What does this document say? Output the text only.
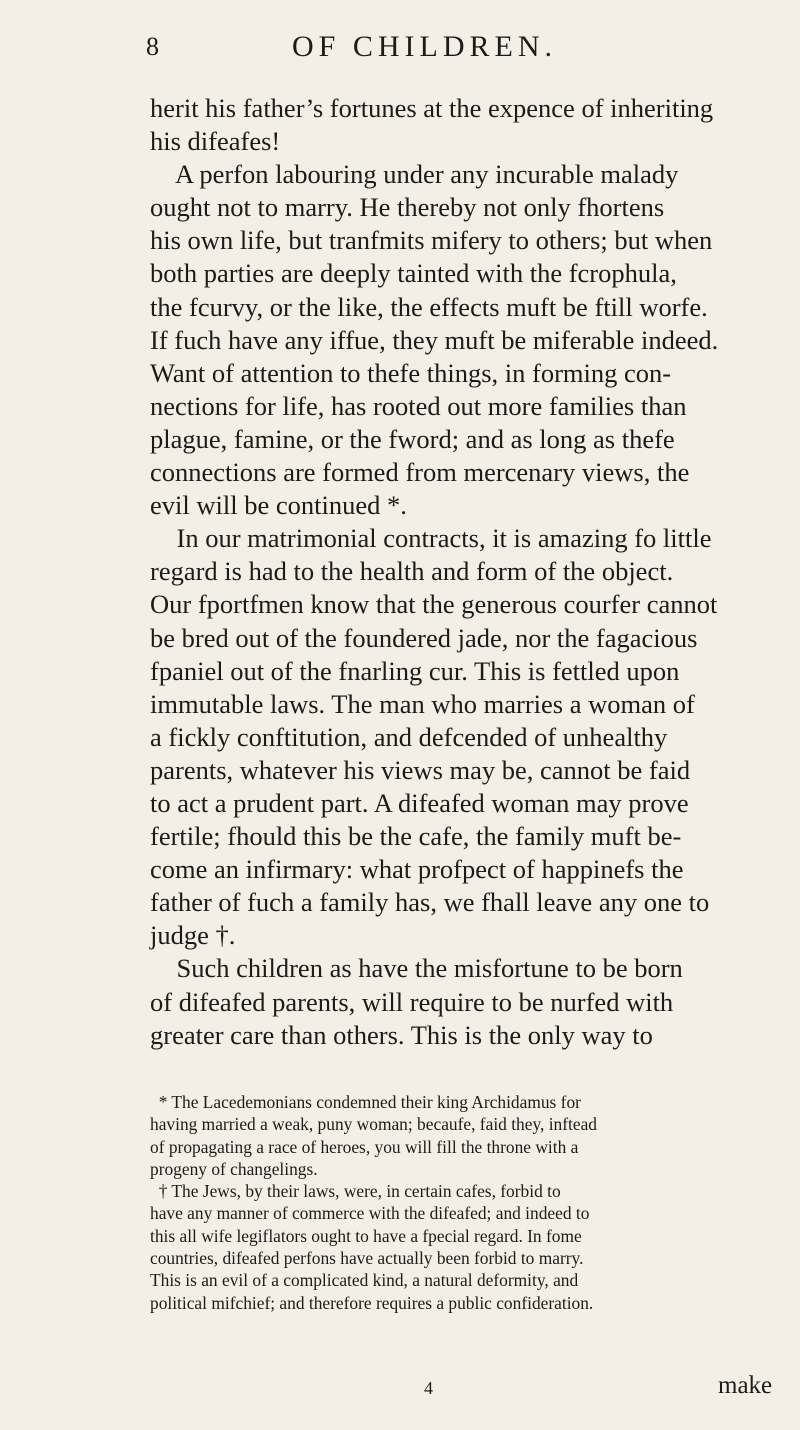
8	OF CHILDREN.
herit his father’s fortunes at the expence of inheriting
his difeafes!
A perfon labouring under any incurable malady
ought not to marry. He thereby not only fhortens
his own life, but tranfmits mifery to others; but when
both parties are deeply tainted with the fcrophula,
the fcurvy, or the like, the effects muft be ftill worfe.
If fuch have any iffue, they muft be miferable indeed.
Want of attention to thefe things, in forming con-
nections for life, has rooted out more families than
plague, famine, or the fword; and as long as thefe
connections are formed from mercenary views, the
evil will be continued *.
In our matrimonial contracts, it is amazing fo little
regard is had to the health and form of the object.
Our fportfmen know that the generous courfer cannot
be bred out of the foundered jade, nor the fagacious
fpaniel out of the fnarling cur. This is fettled upon
immutable laws. The man who marries a woman of
a fickly conftitution, and defcended of unhealthy
parents, whatever his views may be, cannot be faid
to act a prudent part. A difeafed woman may prove
fertile; fhould this be the cafe, the family muft be-
come an infirmary: what profpect of happinefs the
father of fuch a family has, we fhall leave any one to
judge †.
Such children as have the misfortune to be born
of difeafed parents, will require to be nurfed with
greater care than others. This is the only way to
* The Lacedemonians condemned their king Archidamus for
having married a weak, puny woman; becaufe, faid they, inftead
of propagating a race of heroes, you will fill the throne with a
progeny of changelings.
† The Jews, by their laws, were, in certain cafes, forbid to
have any manner of commerce with the difeafed; and indeed to
this all wife legiflators ought to have a fpecial regard. In fome
countries, difeafed perfons have actually been forbid to marry.
This is an evil of a complicated kind, a natural deformity, and
political mifchief; and therefore requires a public confideration.
4	make
